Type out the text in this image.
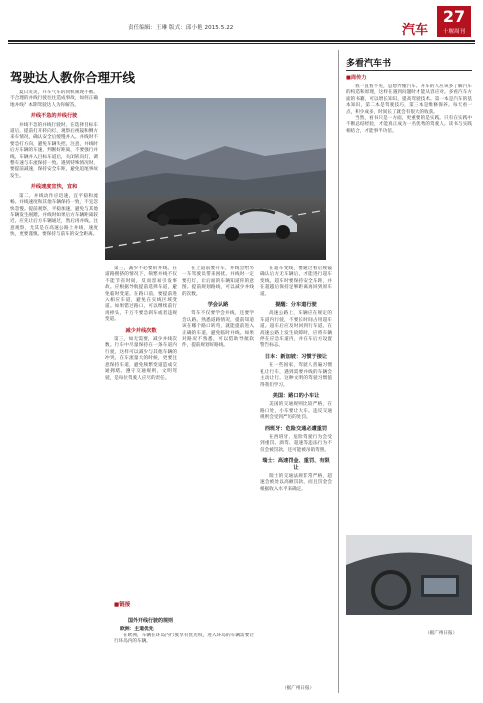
责任编辑：王琳 版式：邱小艳 2015.5.22	汽车
27
十堰周刊
驾驶达人教你合理开线

夏日炎炎，开车气车的同机频现不断。不合理的并线行驶往往造成事故，如何正确地并线？本期驾驶达人为你解答。

并线不急的并线行驶

并线不急的并线行驶时，在选择目标车道后，提前打开转向灯，观察后视镜和侧方来车情况，确认安全后缓慢并入。并线时不要急打方向，避免车辆失控。注意，并线时后方车辆的车速，判断好距离，不要强行并线。车辆并入目标车道后，关闭转向灯，调整车速与车流保持一致。遇到特殊情况时，要提前减速，保持安全车距，避免追尾事故发生。

并线速度宜快，宜和

第二，并线动作应迅速，宜平稳和流畅。并线速度和其他车辆保持一致，不宜忽快忽慢。提前观察，平稳加速，避免与其他车辆发生剐蹭。并线时如果后方车辆距离较近，应先让后方车辆通过，然后再并线。注意观察，尤其是在高速公路上并线，速度快，更要谨慎。要保持与前车的安全距离。

第三，减少不必要的并线。在道路拥挤的情况下，频繁并线不仅不能节省时间，反而容易引发事故。应根据导航提前选择车道，避免临时变道。在路口前，要提前进入相应车道，避免在实线区域变道。如果错过路口，可以继续前行再掉头，千万不要急刹车或者违规变道。

减少并线次数

第三，如无需要，减少并线次数。行车中尽量保持在一条车道内行驶，这样可以减少与其他车辆的冲突。在车流量大的时候，更要注意保持车道，避免频繁变道造成交通拥堵。遵守交通规则，文明驾驶，是每位驾驶人应尽的责任。

在上道前要开车，并线会给另一车驾驶员带来困扰。并线时一定要打灯，让后面的车辆知道你的意图。提前规划路线，可以减少并线的次数。

学会认路

驾车不仅要学会并线，还要学会认路。熟悉道路情况，提前知道该在哪个路口转弯，就能提前进入正确的车道，避免临时并线。如果对路况不熟悉，可以借助导航软件，提前规划好路线。

在超车变线，要通过看后视镜确认后方无车辆后，才能进行超车变线。超车时要保持安全车距，并在超越后保持足够距离再回到原车道。

提醒：分车道行驶

高速公路上，车辆应在规定的车道内行驶，不要长时间占用超车道。超车后应及时回到行车道。在高速公路上发生故障时，应将车辆停在应急车道内，并在车后方设置警告标志。

日本：新加坡：习惯于接让

在一些国家，驾驶人普遍习惯礼让行车，遇到需要并线的车辆会主动让行。这种文明的驾驶习惯值得我们学习。

美国：路口的小车让

美国的交通规则比较严格，在路口处，小车要让大车。违反交通规则会受到严厉的处罚。

西班牙：危险交通必遭重罚

在西班牙，危险驾驶行为会受到重罚。酒驾、超速等违法行为不仅会被罚款，还可能被吊销驾照。

瑞士：高速罚金、重罚、有限让

瑞士的交通法规非常严格，超速会被处以高额罚款，而且罚金会根据收入水平来确定。

（据广州日报）
■链接
国外开线行驶的规则
欧洲：主道优先

在欧洲，车辆在环岛内行驶享有优先权，进入环岛的车辆需要让行环岛内的车辆。

多看汽车书
■周传力

我一直看不见，总想弄懂汽车。开车的人应该多了解汽车的构造和原理，这样在遇到问题时才能从容应对。多看汽车方面的书籍，可以增长知识，提高驾驶技术。第一本是汽车的基本知识，第二本是驾驶技巧，第三本是维修保养。每天看一点，积少成多，时间长了就会有很大的收获。

当然，看书只是一方面，更重要的是实践。只有在实践中不断总结经验，才能真正成为一名优秀的驾驶人。读书与实践相结合，才能事半功倍。

（据广州日报）
